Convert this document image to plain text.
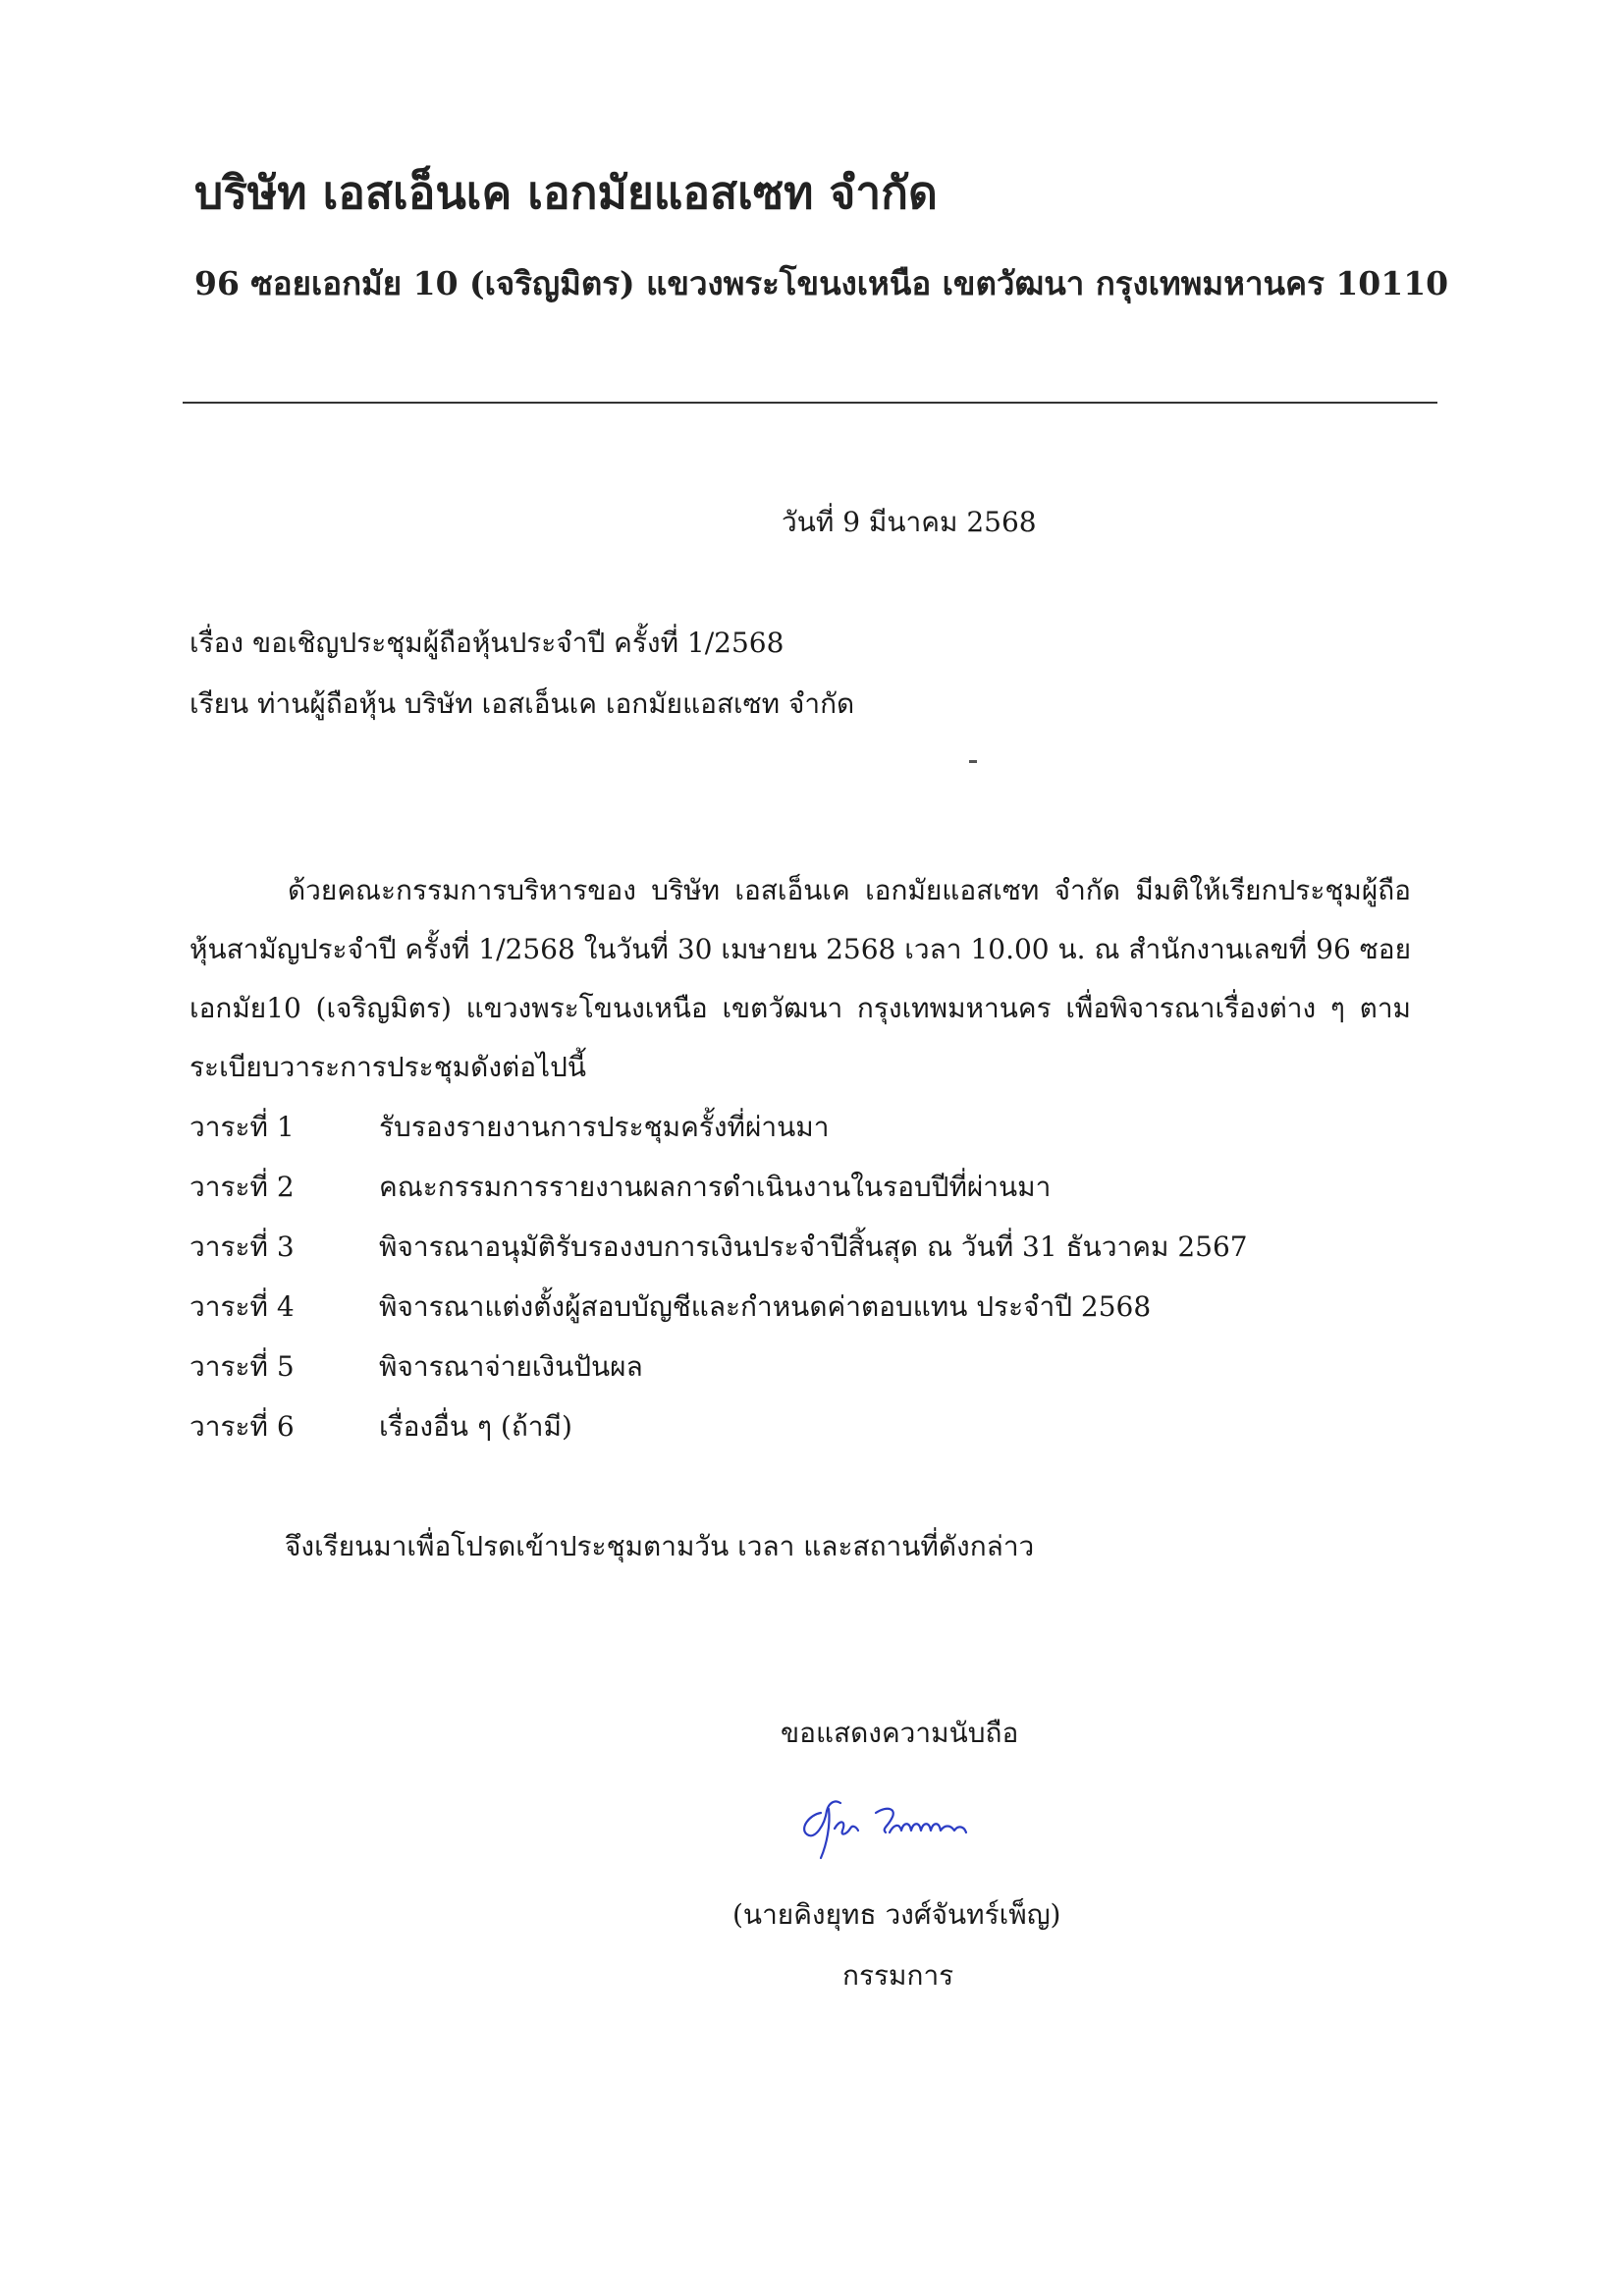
บริษัท เอสเอ็นเค เอกมัยแอสเซท จำกัด
96 ซอยเอกมัย 10 (เจริญมิตร) แขวงพระโขนงเหนือ เขตวัฒนา กรุงเทพมหานคร 10110
วันที่ 9 มีนาคม 2568
เรื่อง ขอเชิญประชุมผู้ถือหุ้นประจำปี ครั้งที่ 1/2568
เรียน ท่านผู้ถือหุ้น บริษัท เอสเอ็นเค เอกมัยแอสเซท จำกัด
ด้วยคณะกรรมการบริหารของ บริษัท เอสเอ็นเค เอกมัยแอสเซท จำกัด มีมติให้เรียกประชุมผู้ถือหุ้นสามัญประจำปี ครั้งที่ 1/2568 ในวันที่ 30 เมษายน 2568 เวลา 10.00 น. ณ สำนักงานเลขที่ 96 ซอยเอกมัย10 (เจริญมิตร) แขวงพระโขนงเหนือ เขตวัฒนา กรุงเทพมหานคร เพื่อพิจารณาเรื่องต่าง ๆ ตามระเบียบวาระการประชุมดังต่อไปนี้
วาระที่ 1	รับรองรายงานการประชุมครั้งที่ผ่านมา
วาระที่ 2	คณะกรรมการรายงานผลการดำเนินงานในรอบปีที่ผ่านมา
วาระที่ 3	พิจารณาอนุมัติรับรองงบการเงินประจำปีสิ้นสุด ณ วันที่ 31 ธันวาคม 2567
วาระที่ 4	พิจารณาแต่งตั้งผู้สอบบัญชีและกำหนดค่าตอบแทน ประจำปี 2568
วาระที่ 5	พิจารณาจ่ายเงินปันผล
วาระที่ 6	เรื่องอื่น ๆ (ถ้ามี)
จึงเรียนมาเพื่อโปรดเข้าประชุมตามวัน เวลา และสถานที่ดังกล่าว
ขอแสดงความนับถือ
(นายคิงยุทธ วงศ์จันทร์เพ็ญ)
กรรมการ
